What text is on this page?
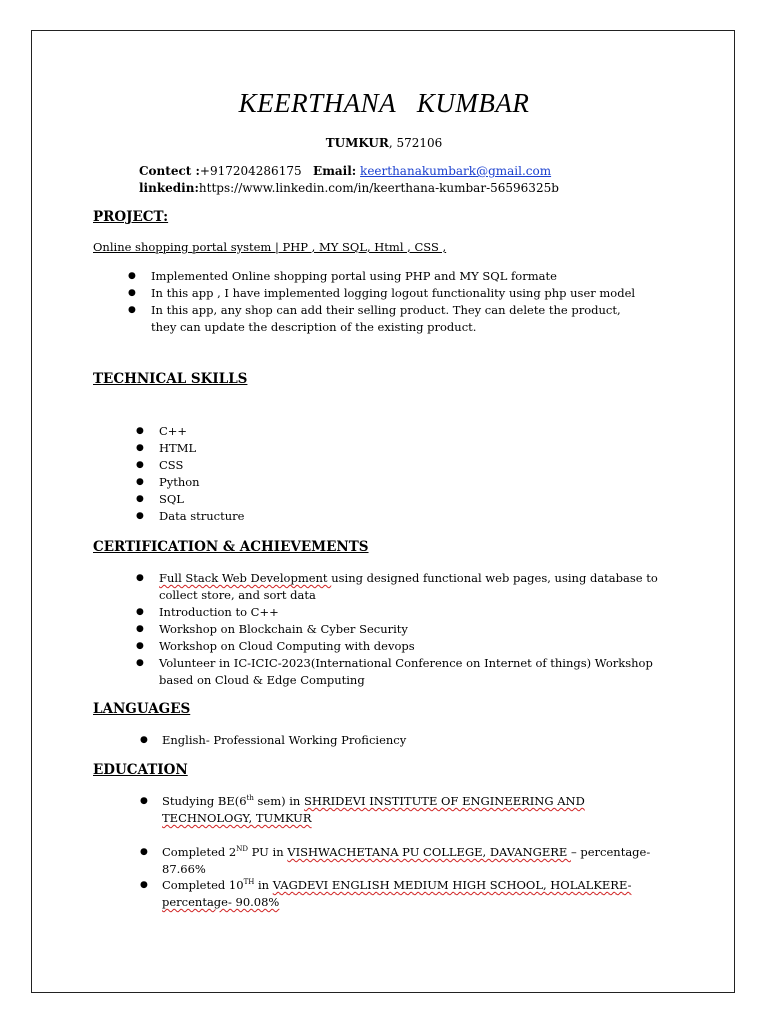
KEERTHANA KUMBAR
TUMKUR, 572106
Contect :+917204286175 Email: keerthanakumbark@gmail.com
linkedin:https://www.linkedin.com/in/keerthana-kumbar-56596325b
PROJECT:
Online shopping portal system | PHP , MY SQL, Html , CSS ,
● Implemented Online shopping portal using PHP and MY SQL formate
● In this app , I have implemented logging logout functionality using php user model
● In this app, any shop can add their selling product. They can delete the product, they can update the description of the existing product.
TECHNICAL SKILLS
● C++
● HTML
● CSS
● Python
● SQL
● Data structure
CERTIFICATION & ACHIEVEMENTS
● Full Stack Web Development using designed functional web pages, using database to collect store, and sort data
● Introduction to C++
● Workshop on Blockchain & Cyber Security
● Workshop on Cloud Computing with devops
● Volunteer in IC-ICIC-2023(International Conference on Internet of things) Workshop based on Cloud & Edge Computing
LANGUAGES
● English- Professional Working Proficiency
EDUCATION
● Studying BE(6th sem) in SHRIDEVI INSTITUTE OF ENGINEERING AND TECHNOLOGY, TUMKUR
● Completed 2ND PU in VISHWACHETANA PU COLLEGE, DAVANGERE – percentage- 87.66%
● Completed 10TH in VAGDEVI ENGLISH MEDIUM HIGH SCHOOL, HOLALKERE- percentage- 90.08%
